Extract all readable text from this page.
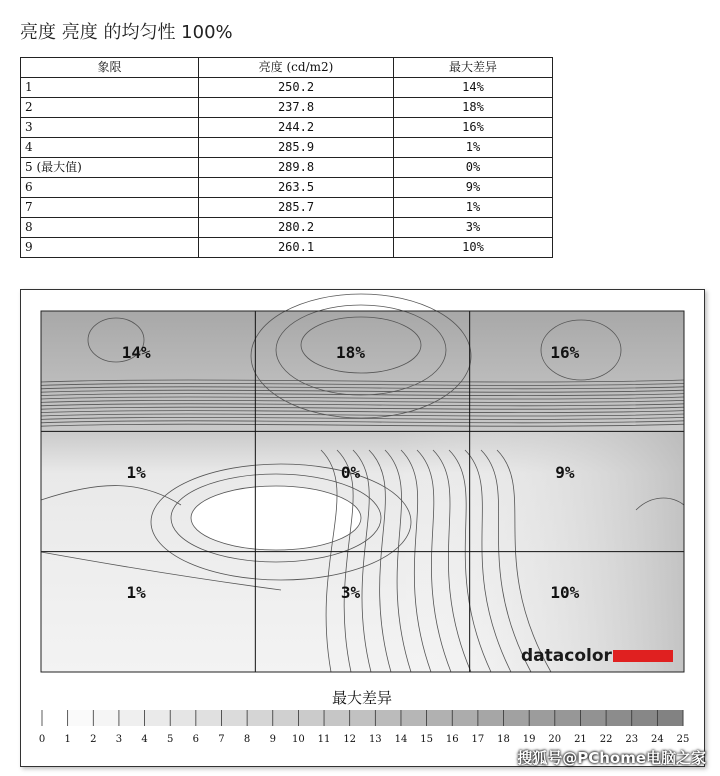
亮度 亮度 的均匀性 100%
象限	亮度 (cd/m2)	最大差异
1	250.2	14%
2	237.8	18%
3	244.2	16%
4	285.9	1%
5 (最大值)	289.8	0%
6	263.5	9%
7	285.7	1%
8	280.2	3%
9	260.1	10%
14%	18%	16%
1%	0%	9%
1%	3%	10%
datacolor
最大差异
0 1 2 3 4 5 6 7 8 9 10 11 12 13 14 15 16 17 18 19 20 21 22 23 24 25
搜狐号@PChome电脑之家
